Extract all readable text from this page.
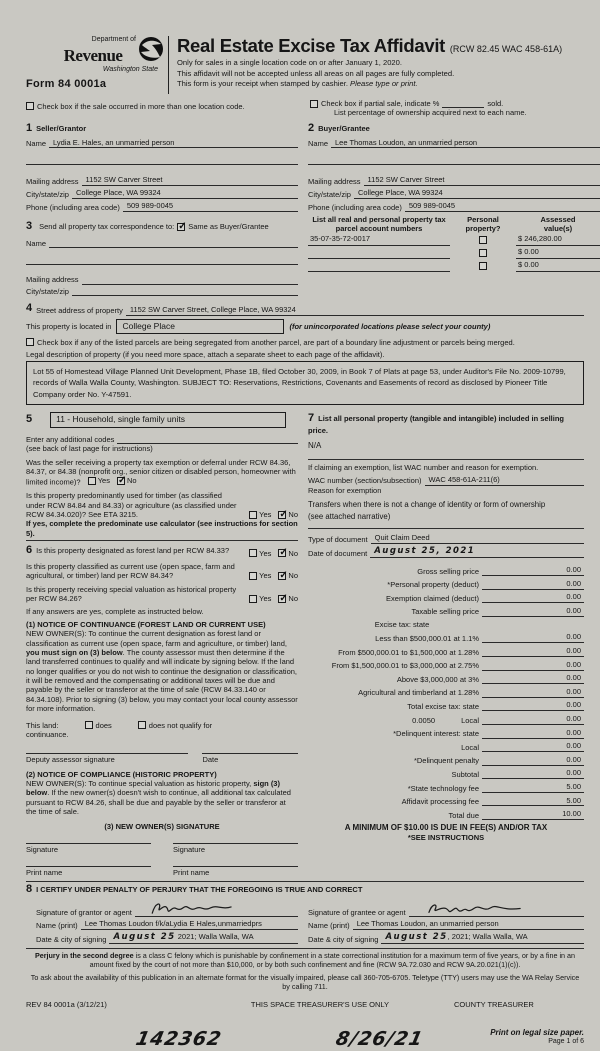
Department of
Revenue
Washington State
Form 84 0001a
Real Estate Excise Tax Affidavit (RCW 82.45 WAC 458-61A)
Only for sales in a single location code on or after January 1, 2020.
This affidavit will not be accepted unless all areas on all pages are fully completed.
This form is your receipt when stamped by cashier. Please type or print.
Check box if the sale occurred in more than one location code.	Check box if partial sale, indicate %	sold.
List percentage of ownership acquired next to each name.
1 Seller/Grantor
Name Lydia E. Hales, an unmarried person
Mailing address 1152 SW Carver Street
City/state/zip College Place, WA 99324
Phone (including area code) 509 989-0045
3 Send all property tax correspondence to: ✓ Same as Buyer/Grantee
Name
Mailing address
City/state/zip
2 Buyer/Grantee
Name Lee Thomas Loudon, an unmarried person
Mailing address 1152 SW Carver Street
City/state/zip College Place, WA 99324
Phone (including area code) 509 989-0045
List all real and personal property tax
parcel account numbers
Personal
property?
Assessed
value(s)
35-07-35-72-0017	$ 246,280.00
$ 0.00
$ 0.00
4 Street address of property 1152 SW Carver Street, College Place, WA 99324
This property is located in	College Place	(for unincorporated locations please select your county)
Check box if any of the listed parcels are being segregated from another parcel, are part of a boundary line adjustment or parcels being merged.
Legal description of property (if you need more space, attach a separate sheet to each page of the affidavit).
Lot 55 of Homestead Village Planned Unit Development, Phase 1B, filed October 30, 2009, in Book 7 of Plats at page 53, under Auditor's File No. 2009-10799, records of Walla Walla County, Washington. SUBJECT TO: Reservations, Restrictions, Covenants and Easements of record as disclosed by Pioneer Title Company order No. Y-47591.
5	11 - Household, single family units
Enter any additional codes
(see back of last page for instructions)
Was the seller receiving a property tax exemption or deferral under RCW 84.36, 84.37, or 84.38 (nonprofit org., senior citizen or disabled person, homeowner with limited income)? Yes ✓ No
Is this property predominantly used for timber (as classified under RCW 84.84 and 84.33) or agriculture (as classified under RCW 84.34.020)? See ETA 3215.	Yes ✓ No
If yes, complete the predominate use calculator (see instructions for section 5).
6 Is this property designated as forest land per RCW 84.33?	Yes ✓ No
Is this property classified as current use (open space, farm and agricultural, or timber) land per RCW 84.34?	Yes ✓ No
Is this property receiving special valuation as historical property per RCW 84.26?	Yes ✓ No
If any answers are yes, complete as instructed below.
(1) NOTICE OF CONTINUANCE (FOREST LAND OR CURRENT USE)
NEW OWNER(S): To continue the current designation as forest land or classification as current use (open space, farm and agriculture, or timber) land, you must sign on (3) below. The county assessor must then determine if the land transferred continues to qualify and will indicate by signing below. If the land no longer qualifies or you do not wish to continue the designation or classification, it will be removed and the compensating or additional taxes will be due and payable by the seller or transferor at the time of sale (RCW 84.33.140 or 84.34.108). Prior to signing (3) below, you may contact your local county assessor for more information.
This land:	does	does not qualify for
continuance.
Deputy assessor signature	Date
(2) NOTICE OF COMPLIANCE (HISTORIC PROPERTY)
NEW OWNER(S): To continue special valuation as historic property, sign (3) below. If the new owner(s) doesn't wish to continue, all additional tax calculated pursuant to RCW 84.26, shall be due and payable by the seller or transferor at the time of sale.
(3) NEW OWNER(S) SIGNATURE
Signature	Signature
Print name	Print name
7 List all personal property (tangible and intangible) included in selling price.
N/A
If claiming an exemption, list WAC number and reason for exemption.
WAC number (section/subsection) WAC 458-61A-211(6)
Reason for exemption
Transfers when there is not a change of identity or form of ownership
(see attached narrative)
Type of document Quit Claim Deed
Date of document August 25, 2021
Gross selling price	0.00
*Personal property (deduct)	0.00
Exemption claimed (deduct)	0.00
Taxable selling price	0.00
Excise tax: state
Less than $500,000.01 at 1.1%	0.00
From $500,000.01 to $1,500,000 at 1.28%	0.00
From $1,500,000.01 to $3,000,000 at 2.75%	0.00
Above $3,000,000 at 3%	0.00
Agricultural and timberland at 1.28%	0.00
Total excise tax: state	0.00
0.0050	Local	0.00
*Delinquent interest: state	0.00
Local	0.00
*Delinquent penalty	0.00
Subtotal	0.00
*State technology fee	5.00
Affidavit processing fee	5.00
Total due	10.00
A MINIMUM OF $10.00 IS DUE IN FEE(S) AND/OR TAX
*SEE INSTRUCTIONS
8 I CERTIFY UNDER PENALTY OF PERJURY THAT THE FOREGOING IS TRUE AND CORRECT
Signature of grantor or agent
Name (print) Lee Thomas Loudon f/k/aLydia E Hales,unmarriedprs
Date & city of signing August 25 2021; Walla Walla, WA
Signature of grantee or agent
Name (print) Lee Thomas Loudon, an unmarried person
Date & city of signing August 25, 2021; Walla Walla, WA
Perjury in the second degree is a class C felony which is punishable by confinement in a state correctional institution for a maximum term of five years, or by a fine in an amount fixed by the court of not more than $10,000, or by both such confinement and fine (RCW 9A.72.030 and RCW 9A.20.021(1)(c)).
To ask about the availability of this publication in an alternate format for the visually impaired, please call 360-705-6705. Teletype (TTY) users may use the WA Relay Service by calling 711.
REV 84 0001a (3/12/21)	THIS SPACE TREASURER'S USE ONLY	COUNTY TREASURER
142362	8/26/21	Print on legal size paper.
Page 1 of 6
